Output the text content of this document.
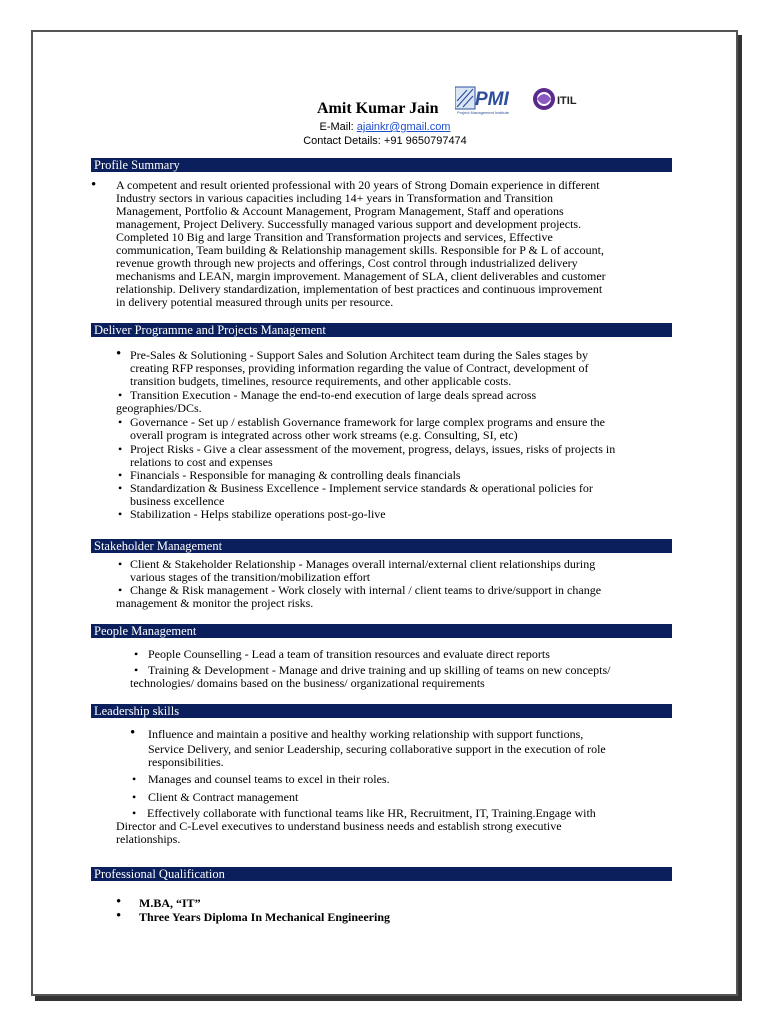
Amit Kumar Jain PMI
Project Management Institute
ITIL
E-Mail: ajainkr@gmail.com
Contact Details: +91 9650797474
Profile Summary
• A competent and result oriented professional with 20 years of Strong Domain experience in different
Industry sectors in various capacities including 14+ years in Transformation and Transition
Management, Portfolio & Account Management, Program Management, Staff and operations
management, Project Delivery. Successfully managed various support and development projects.
Completed 10 Big and large Transition and Transformation projects and services, Effective
communication, Team building & Relationship management skills. Responsible for P & L of account,
revenue growth through new projects and offerings, Cost control through industrialized delivery
mechanisms and LEAN, margin improvement. Management of SLA, client deliverables and customer
relationship. Delivery standardization, implementation of best practices and continuous improvement
in delivery potential measured through units per resource.
Deliver Programme and Projects Management
• Pre-Sales & Solutioning - Support Sales and Solution Architect team during the Sales stages by
creating RFP responses, providing information regarding the value of Contract, development of
transition budgets, timelines, resource requirements, and other applicable costs.
• Transition Execution - Manage the end-to-end execution of large deals spread across
geographies/DCs.
• Governance - Set up / establish Governance framework for large complex programs and ensure the
overall program is integrated across other work streams (e.g. Consulting, SI, etc)
• Project Risks - Give a clear assessment of the movement, progress, delays, issues, risks of projects in
relations to cost and expenses
• Financials - Responsible for managing & controlling deals financials
• Standardization & Business Excellence - Implement service standards & operational policies for
business excellence
• Stabilization - Helps stabilize operations post-go-live
Stakeholder Management
• Client & Stakeholder Relationship - Manages overall internal/external client relationships during
various stages of the transition/mobilization effort
• Change & Risk management - Work closely with internal / client teams to drive/support in change
management & monitor the project risks.
People Management
• People Counselling - Lead a team of transition resources and evaluate direct reports
• Training & Development - Manage and drive training and up skilling of teams on new concepts/
technologies/ domains based on the business/ organizational requirements
Leadership skills
• Influence and maintain a positive and healthy working relationship with support functions,
Service Delivery, and senior Leadership, securing collaborative support in the execution of role
responsibilities.
• Manages and counsel teams to excel in their roles.
• Client & Contract management
• Effectively collaborate with functional teams like HR, Recruitment, IT, Training.Engage with
Director and C-Level executives to understand business needs and establish strong executive
relationships.
Professional Qualification
• M.BA, “IT”
• Three Years Diploma In Mechanical Engineering
